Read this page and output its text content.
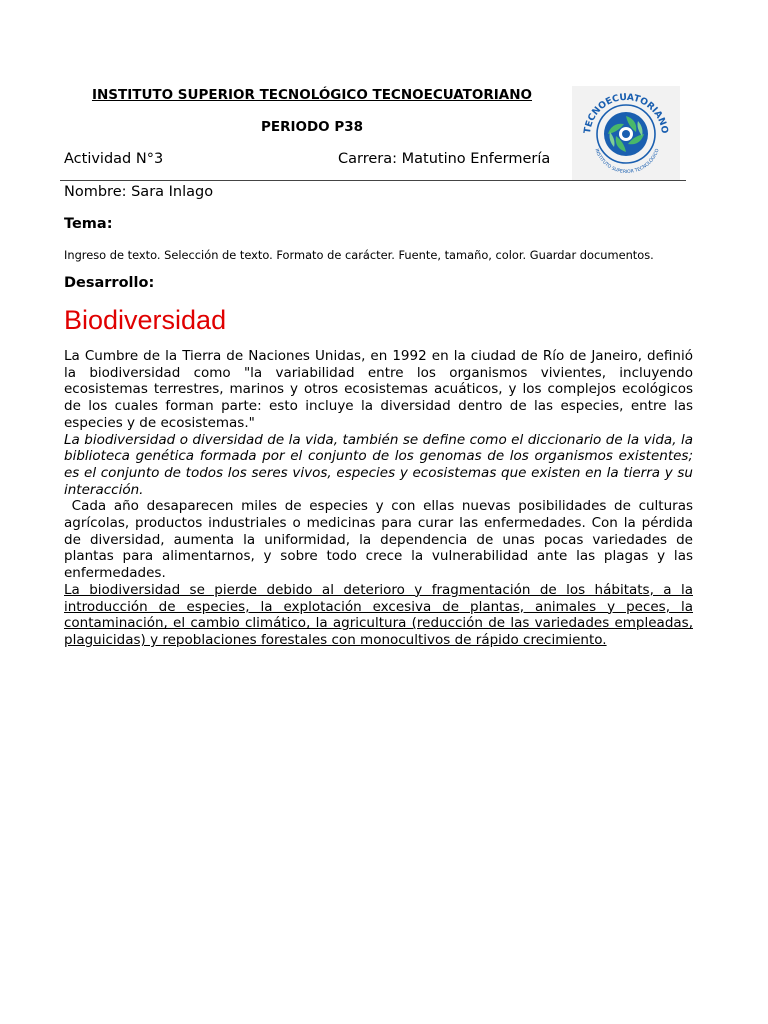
INSTITUTO SUPERIOR TECNOLÓGICO TECNOECUATORIANO
PERIODO P38
Actividad N°3	Carrera: Matutino Enfermería
TECNOECUATORIANO
INSTITUTO SUPERIOR TECNOLÓGICO
Nombre: Sara Inlago
Tema:
Ingreso de texto. Selección de texto. Formato de carácter. Fuente, tamaño, color. Guardar documentos.
Desarrollo:
Biodiversidad

La Cumbre de la Tierra de Naciones Unidas, en 1992 en la ciudad de Río de Janeiro, definió la biodiversidad como "la variabilidad entre los organismos vivientes, incluyendo ecosistemas terrestres, marinos y otros ecosistemas acuáticos, y los complejos ecológicos de los cuales forman parte: esto incluye la diversidad dentro de las especies, entre las especies y de ecosistemas."

La biodiversidad o diversidad de la vida, también se define como el diccionario de la vida, la biblioteca genética formada por el conjunto de los genomas de los organismos existentes; es el conjunto de todos los seres vivos, especies y ecosistemas que existen en la tierra y su interacción.

Cada año desaparecen miles de especies y con ellas nuevas posibilidades de culturas agrícolas, productos industriales o medicinas para curar las enfermedades. Con la pérdida de diversidad, aumenta la uniformidad, la dependencia de unas pocas variedades de plantas para alimentarnos, y sobre todo crece la vulnerabilidad ante las plagas y las enfermedades.

La biodiversidad se pierde debido al deterioro y fragmentación de los hábitats, a la introducción de especies, la explotación excesiva de plantas, animales y peces, la contaminación, el cambio climático, la agricultura (reducción de las variedades empleadas, plaguicidas) y repoblaciones forestales con monocultivos de rápido crecimiento.
